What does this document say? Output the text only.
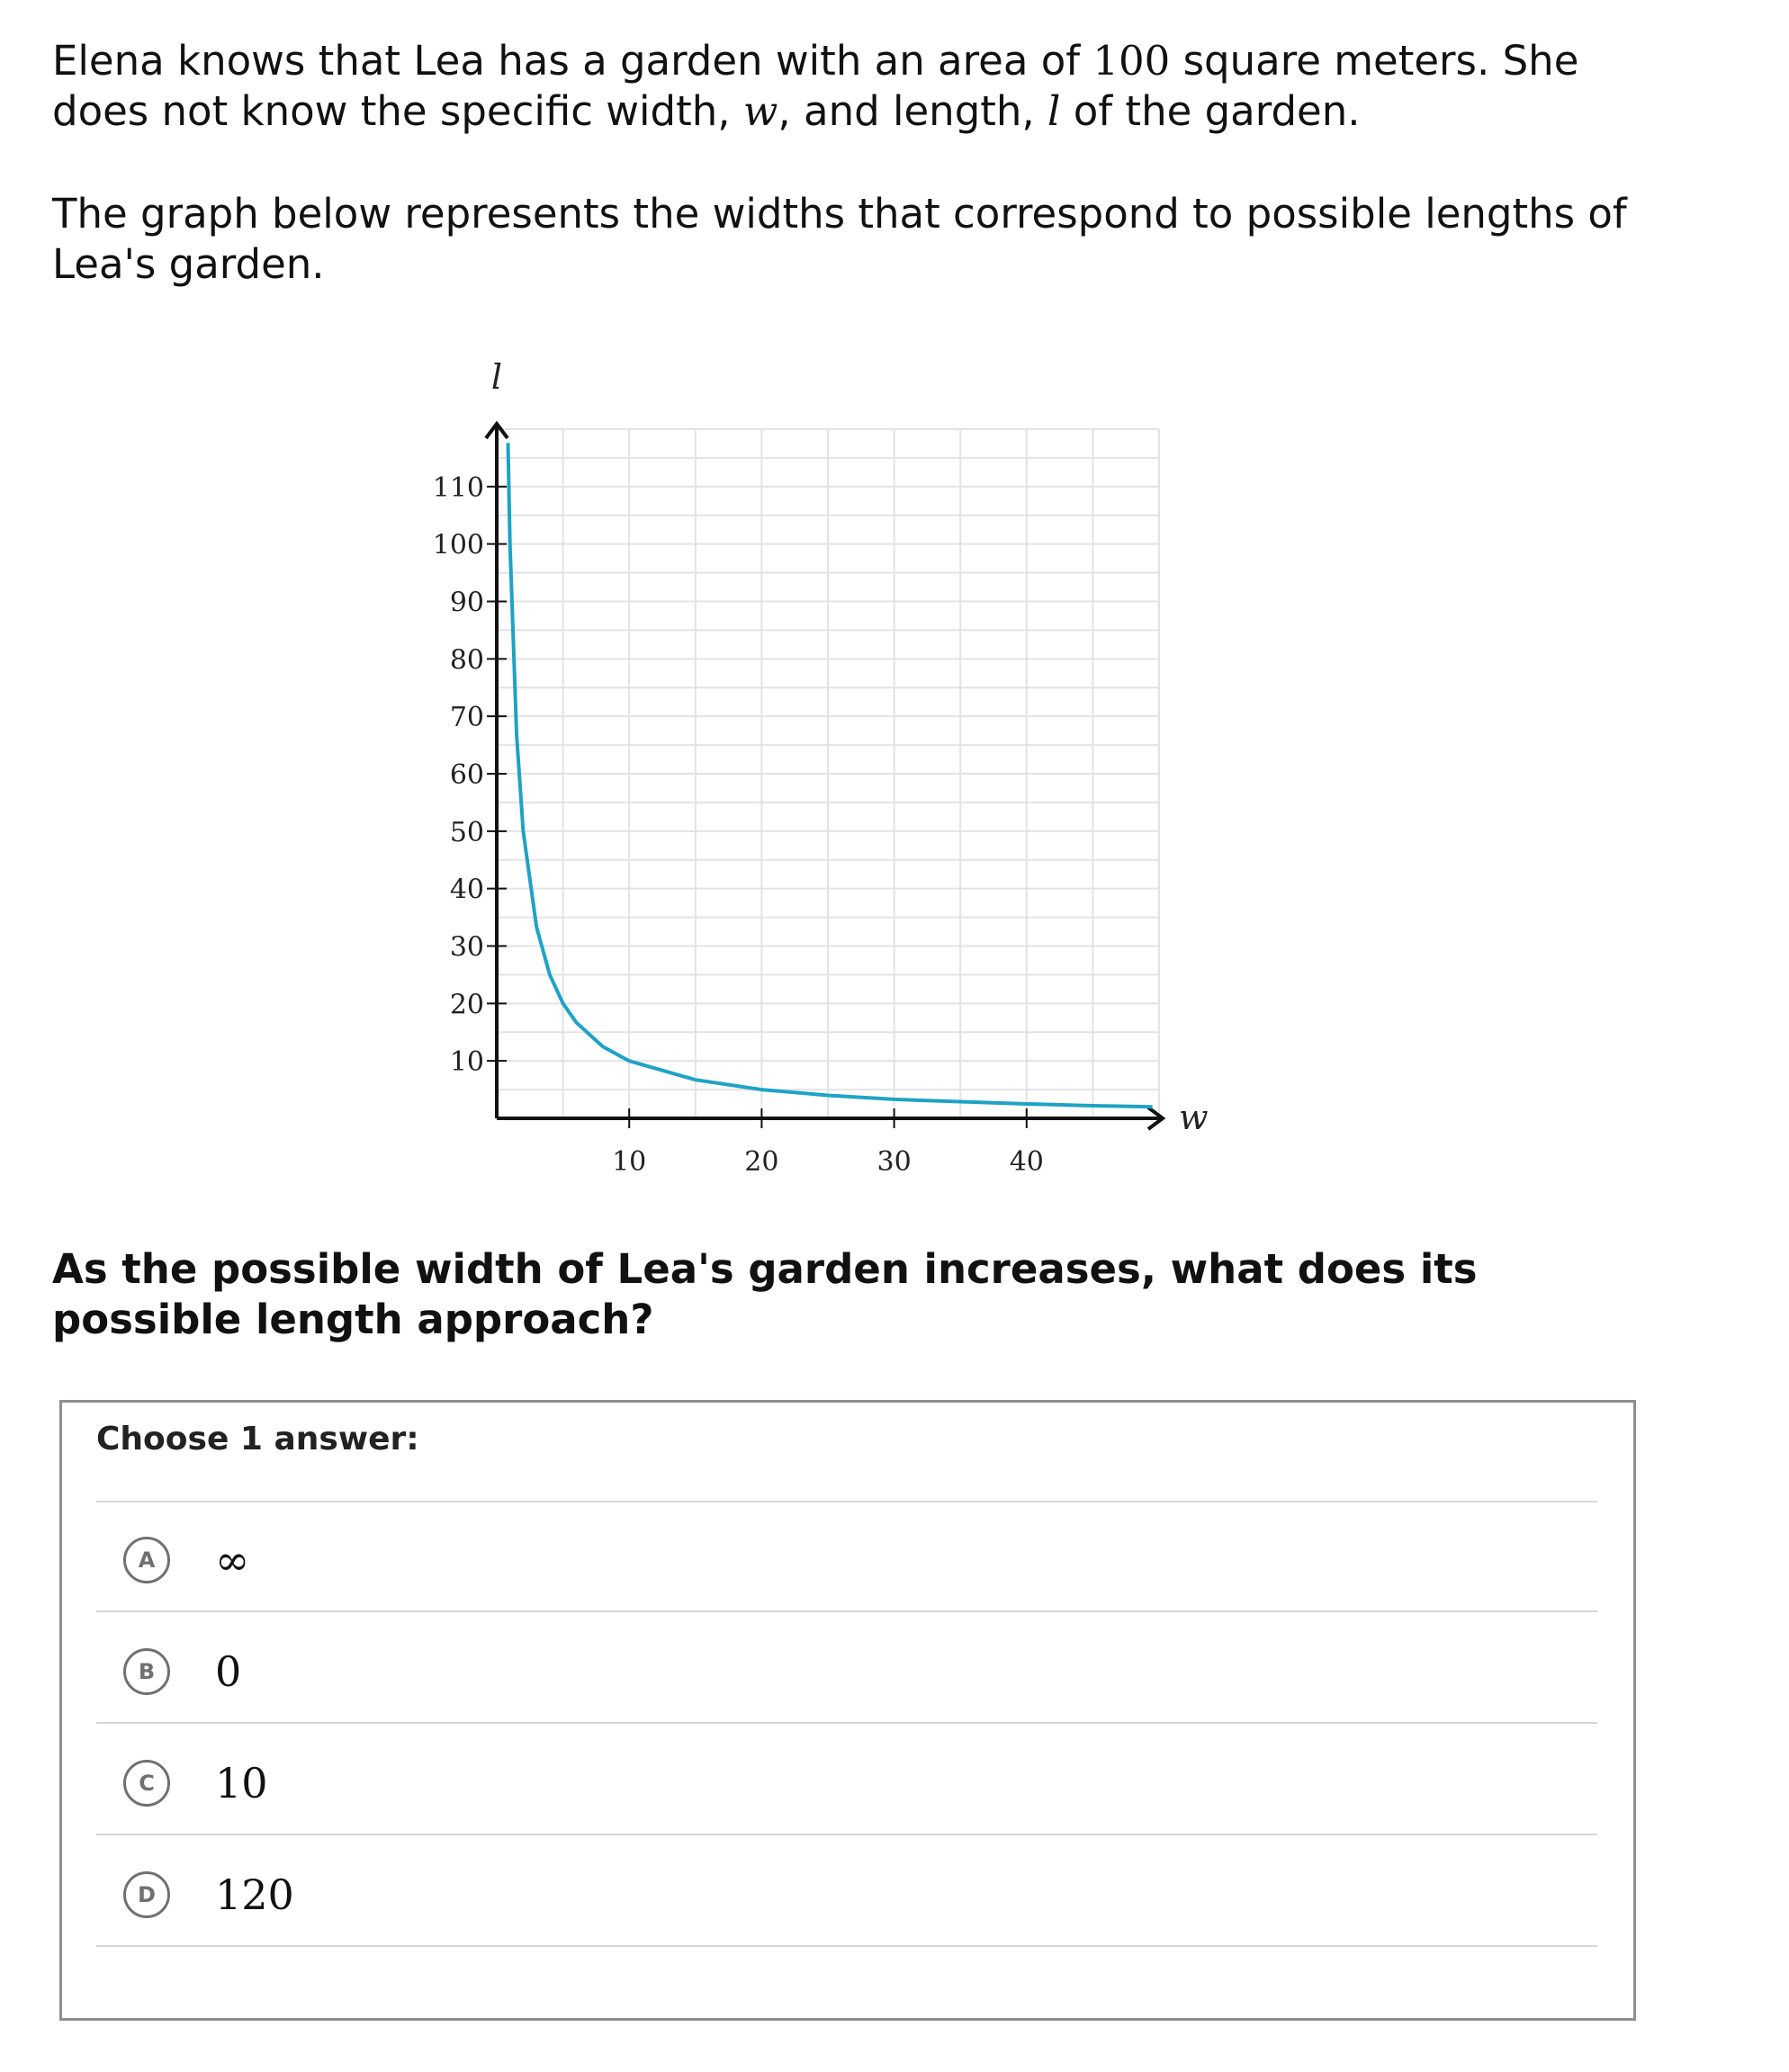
Elena knows that Lea has a garden with an area of 100 square meters. She does not know the specific width, w, and length, l of the garden.

The graph below represents the widths that correspond to possible lengths of Lea's garden.

10	20	30	40
10
20
30
40
50
60
70
80
90
100
110
l
w

As the possible width of Lea's garden increases, what does its possible length approach?

Choose 1 answer:
A	∞
B	0
C	10
D	120
